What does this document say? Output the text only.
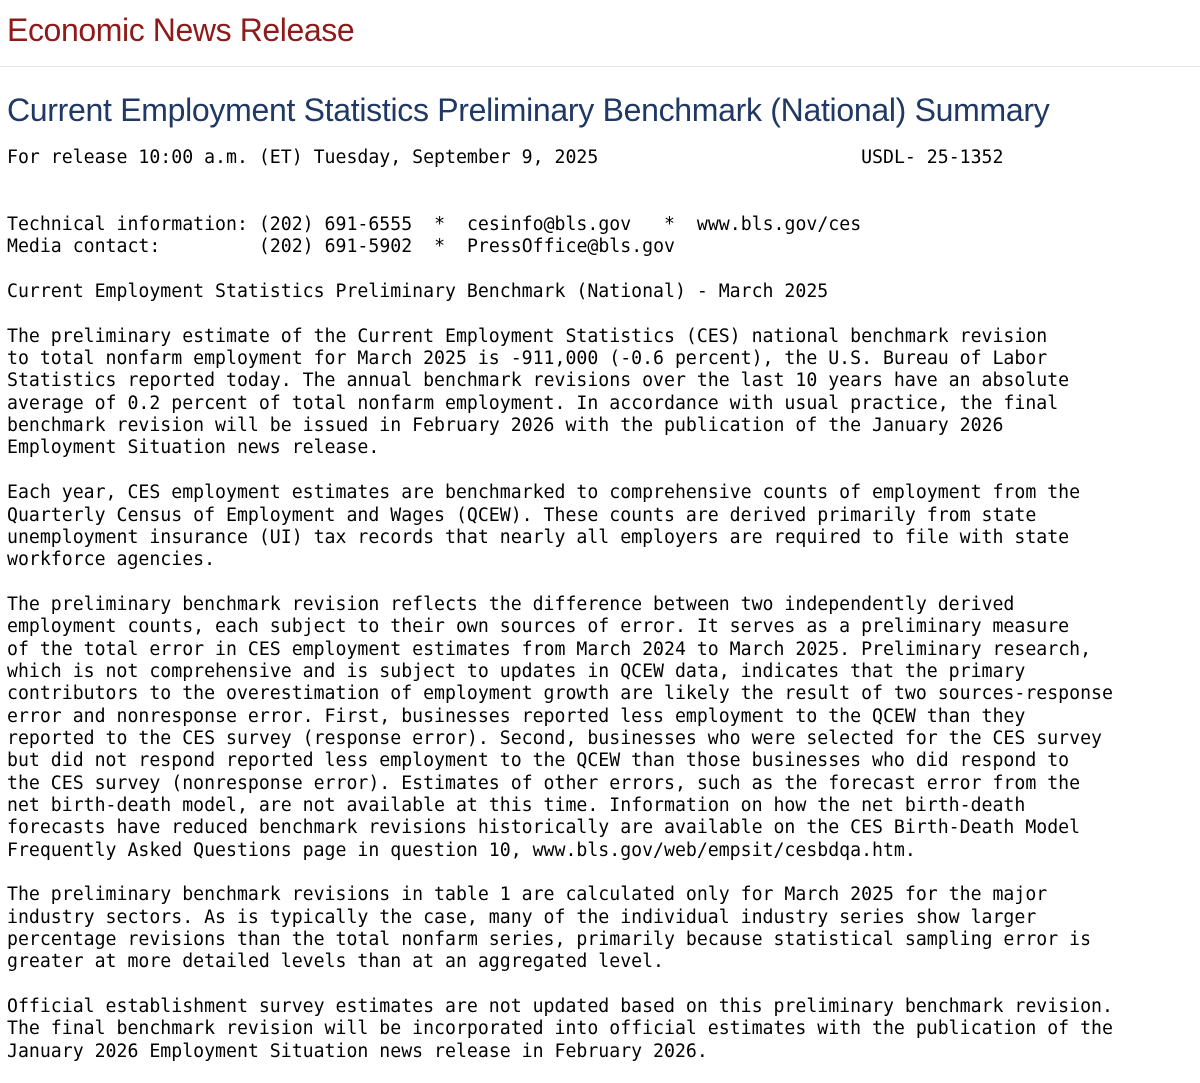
Economic News Release
Current Employment Statistics Preliminary Benchmark (National) Summary
For release 10:00 a.m. (ET) Tuesday, September 9, 2025	USDL- 25-1352

Technical information: (202) 691-6555 * cesinfo@bls.gov * www.bls.gov/ces
Media contact:	(202) 691-5902 * PressOffice@bls.gov

Current Employment Statistics Preliminary Benchmark (National) - March 2025

The preliminary estimate of the Current Employment Statistics (CES) national benchmark revision
to total nonfarm employment for March 2025 is -911,000 (-0.6 percent), the U.S. Bureau of Labor
Statistics reported today. The annual benchmark revisions over the last 10 years have an absolute
average of 0.2 percent of total nonfarm employment. In accordance with usual practice, the final
benchmark revision will be issued in February 2026 with the publication of the January 2026
Employment Situation news release.

Each year, CES employment estimates are benchmarked to comprehensive counts of employment from the
Quarterly Census of Employment and Wages (QCEW). These counts are derived primarily from state
unemployment insurance (UI) tax records that nearly all employers are required to file with state
workforce agencies.

The preliminary benchmark revision reflects the difference between two independently derived
employment counts, each subject to their own sources of error. It serves as a preliminary measure
of the total error in CES employment estimates from March 2024 to March 2025. Preliminary research,
which is not comprehensive and is subject to updates in QCEW data, indicates that the primary
contributors to the overestimation of employment growth are likely the result of two sources-response
error and nonresponse error. First, businesses reported less employment to the QCEW than they
reported to the CES survey (response error). Second, businesses who were selected for the CES survey
but did not respond reported less employment to the QCEW than those businesses who did respond to
the CES survey (nonresponse error). Estimates of other errors, such as the forecast error from the
net birth-death model, are not available at this time. Information on how the net birth-death
forecasts have reduced benchmark revisions historically are available on the CES Birth-Death Model
Frequently Asked Questions page in question 10, www.bls.gov/web/empsit/cesbdqa.htm.

The preliminary benchmark revisions in table 1 are calculated only for March 2025 for the major
industry sectors. As is typically the case, many of the individual industry series show larger
percentage revisions than the total nonfarm series, primarily because statistical sampling error is
greater at more detailed levels than at an aggregated level.

Official establishment survey estimates are not updated based on this preliminary benchmark revision.
The final benchmark revision will be incorporated into official estimates with the publication of the
January 2026 Employment Situation news release in February 2026.
